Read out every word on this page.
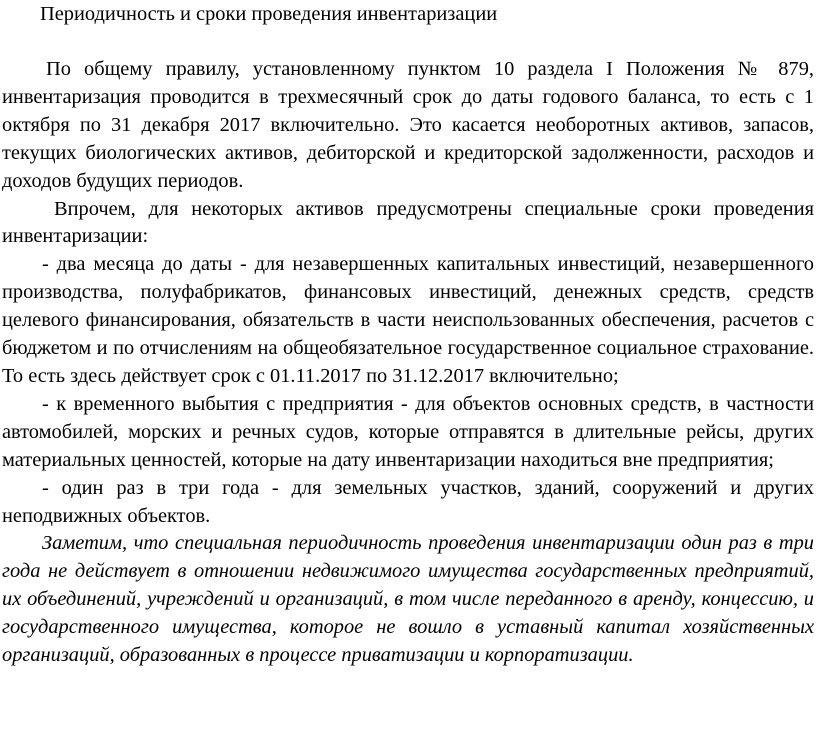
Периодичность и сроки проведения инвентаризации

По общему правилу, установленному пунктом 10 раздела I Положения № 879, инвентаризация проводится в трехмесячный срок до даты годового баланса, то есть с 1 октября по 31 декабря 2017 включительно. Это касается необоротных активов, запасов, текущих биологических активов, дебиторской и кредиторской задолженности, расходов и доходов будущих периодов.

Впрочем, для некоторых активов предусмотрены специальные сроки проведения инвентаризации:

- два месяца до даты - для незавершенных капитальных инвестиций, незавершенного производства, полуфабрикатов, финансовых инвестиций, денежных средств, средств целевого финансирования, обязательств в части неиспользованных обеспечения, расчетов с бюджетом и по отчислениям на общеобязательное государственное социальное страхование. То есть здесь действует срок с 01.11.2017 по 31.12.2017 включительно;

- к временного выбытия с предприятия - для объектов основных средств, в частности автомобилей, морских и речных судов, которые отправятся в длительные рейсы, других материальных ценностей, которые на дату инвентаризации находиться вне предприятия;

- один раз в три года - для земельных участков, зданий, сооружений и других неподвижных объектов.

Заметим, что специальная периодичность проведения инвентаризации один раз в три года не действует в отношении недвижимого имущества государственных предприятий, их объединений, учреждений и организаций, в том числе переданного в аренду, концессию, и государственного имущества, которое не вошло в уставный капитал хозяйственных организаций, образованных в процессе приватизации и корпоратизации.
